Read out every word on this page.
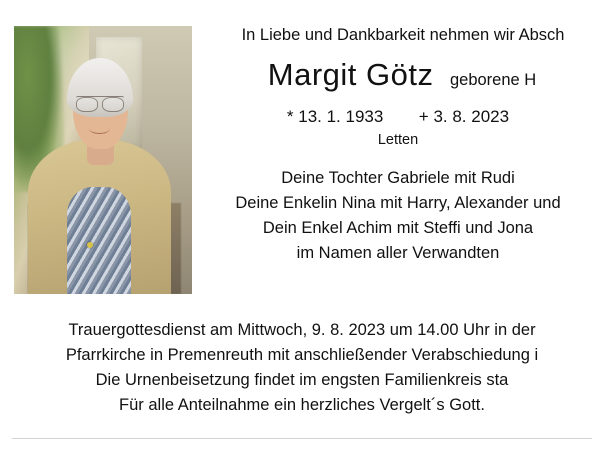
In Liebe und Dankbarkeit nehmen wir Absch
Margit Götz geborene H
* 13. 1. 1933 + 3. 8. 2023
Letten
Deine Tochter Gabriele mit Rudi
Deine Enkelin Nina mit Harry, Alexander und
Dein Enkel Achim mit Steffi und Jona
im Namen aller Verwandten
Trauergottesdienst am Mittwoch, 9. 8. 2023 um 14.00 Uhr in der
Pfarrkirche in Premenreuth mit anschließender Verabschiedung i
Die Urnenbeisetzung findet im engsten Familienkreis sta
Für alle Anteilnahme ein herzliches Vergelt´s Gott.
